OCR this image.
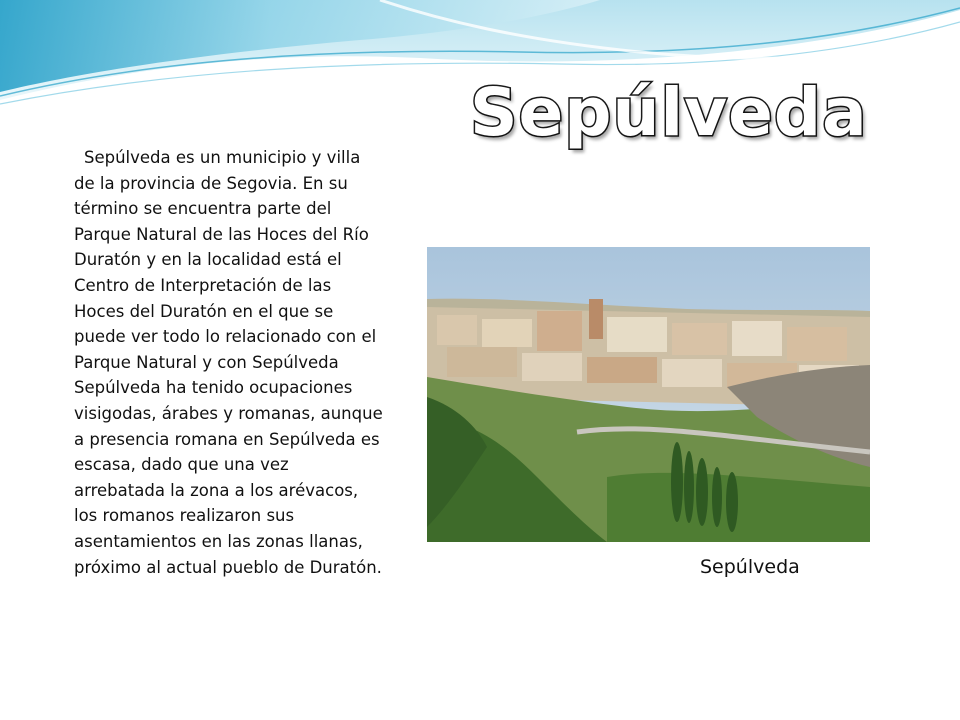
Sepúlveda

Sepúlveda es un municipio y villa de la provincia de Segovia. En su término se encuentra parte del Parque Natural de las Hoces del Río Duratón y en la localidad está el Centro de Interpretación de las Hoces del Duratón en el que se puede ver todo lo relacionado con el Parque Natural y con Sepúlveda

Sepúlveda ha tenido ocupaciones visigodas, árabes y romanas, aunque a presencia romana en Sepúlveda es escasa, dado que una vez arrebatada la zona a los arévacos, los romanos realizaron sus asentamientos en las zonas llanas, próximo al actual pueblo de Duratón.	Sepúlveda
